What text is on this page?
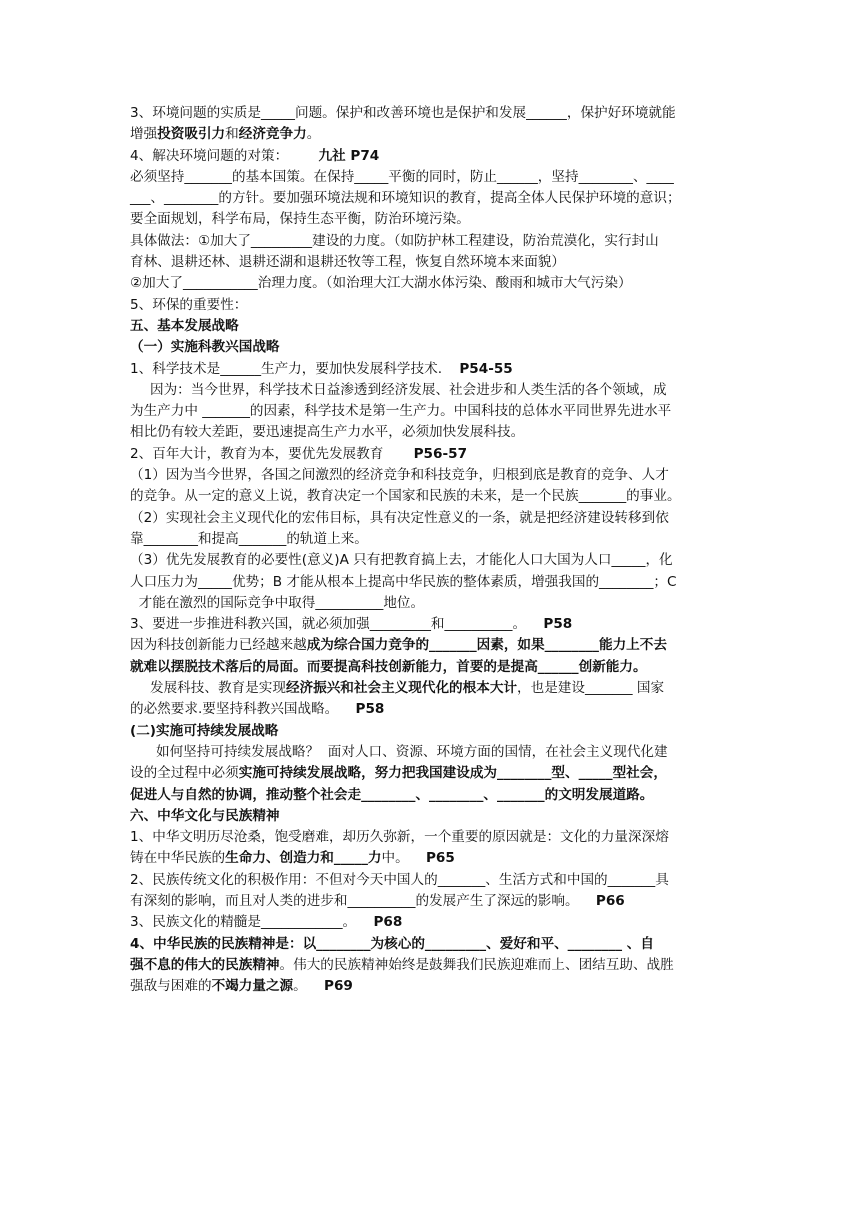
3、环境问题的实质是_____问题。保护和改善环境也是保护和发展______，保护好环境就能
增强投资吸引力和经济竞争力。
4、解决环境问题的对策：       九社 P74
必须坚持_______的基本国策。在保持_____平衡的同时，防止______，坚持________、____
___、________的方针。要加强环境法规和环境知识的教育，提高全体人民保护环境的意识；
要全面规划，科学布局，保持生态平衡，防治环境污染。
具体做法：①加大了_________建设的力度。（如防护林工程建设，防治荒漠化，实行封山
育林、退耕还林、退耕还湖和退耕还牧等工程，恢复自然环境本来面貌）
②加大了___________治理力度。（如治理大江大湖水体污染、酸雨和城市大气污染）
5、环保的重要性：
五、基本发展战略
（一）实施科教兴国战略
1、科学技术是______生产力，要加快发展科学技术.    P54-55
因为：当今世界，科学技术日益渗透到经济发展、社会进步和人类生活的各个领域，成
为生产力中 _______的因素，科学技术是第一生产力。中国科技的总体水平同世界先进水平
相比仍有较大差距，要迅速提高生产力水平，必须加快发展科技。
2、百年大计，教育为本，要优先发展教育       P56-57
（1）因为当今世界，各国之间激烈的经济竞争和科技竞争，归根到底是教育的竞争、人才
的竞争。从一定的意义上说，教育决定一个国家和民族的未来，是一个民族_______的事业。
（2）实现社会主义现代化的宏伟目标，具有决定性意义的一条，就是把经济建设转移到依
靠________和提高_______的轨道上来。
（3）优先发展教育的必要性(意义)A 只有把教育搞上去，才能化人口大国为人口_____，化
人口压力为_____优势；B 才能从根本上提高中华民族的整体素质，增强我国的________；C
才能在激烈的国际竞争中取得__________地位。
3、要进一步推进科教兴国，就必须加强_________和__________。    P58
因为科技创新能力已经越来越成为综合国力竞争的_______因素，如果________能力上不去
就难以摆脱技术落后的局面。而要提高科技创新能力，首要的是提高______创新能力。
发展科技、教育是实现经济振兴和社会主义现代化的根本大计，也是建设_______ 国家
的必然要求.要坚持科教兴国战略。    P58
(二)实施可持续发展战略
如何坚持可持续发展战略？  面对人口、资源、环境方面的国情，在社会主义现代化建
设的全过程中必须实施可持续发展战略，努力把我国建设成为________型、_____型社会，
促进人与自然的协调，推动整个社会走________、________、_______的文明发展道路。
六、中华文化与民族精神
1、中华文明历尽沧桑，饱受磨难，却历久弥新，一个重要的原因就是：文化的力量深深熔
铸在中华民族的生命力、创造力和_____力中。    P65
2、民族传统文化的积极作用：不但对今天中国人的_______、生活方式和中国的_______具
有深刻的影响，而且对人类的进步和__________的发展产生了深远的影响。    P66
3、民族文化的精髓是____________。    P68
4、中华民族的民族精神是：以________为核心的_________、爱好和平、________ 、自
强不息的伟大的民族精神。伟大的民族精神始终是鼓舞我们民族迎难而上、团结互助、战胜
强敌与困难的不竭力量之源。    P69
